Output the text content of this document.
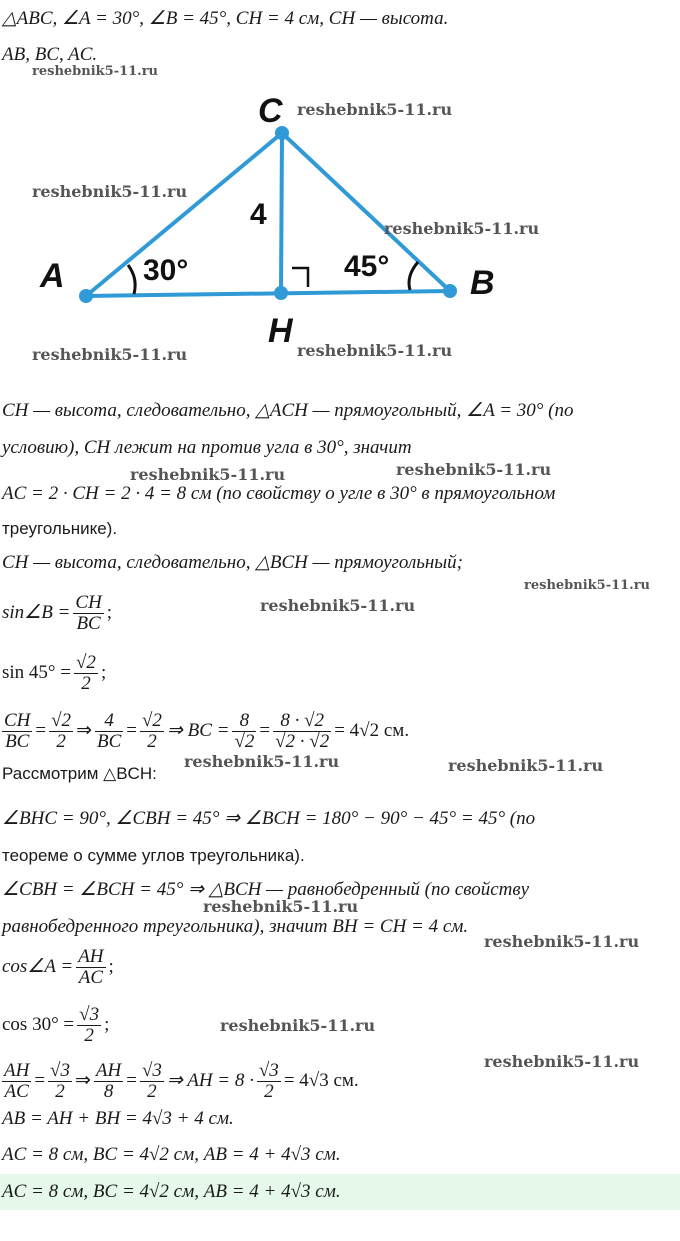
△ABC, ∠A = 30°, ∠B = 45°, CH = 4 см, CH — высота.
AB, BC, AC.
A
C
B
H
4
30°	45°
CH — высота, следовательно, △ACH — прямоугольный, ∠A = 30° (по
условию), CH лежит на против угла в 30°, значит
AC = 2 · CH = 2 · 4 = 8 см (по свойству о угле в 30° в прямоугольном
треугольнике).
CH — высота, следовательно, △BCH — прямоугольный;
sin∠B = $\frac{CH}{BC}$ ;
$\sin 45^\circ = \frac{√2}{2}$ ;
$\frac{CH}{BC} = \frac{√2}{2}$ ⇒ $\frac{4}{BC} = \frac{√2}{2}$ ⇒ BC = $\frac{8}{√2} = \frac{8 \cdot √2}{√2 \cdot √2} = 4√2$ см.
Рассмотрим △BCH:
∠BHC = 90°, ∠CBH = 45° ⇒ ∠BCH = 180° − 90° − 45° = 45° (по
теореме о сумме углов треугольника).
∠CBH = ∠BCH = 45° ⇒ △BCH — равнобедренный (по свойству
равнобедренного треугольника), значит BH = CH = 4 см.
cos∠A = $\frac{AH}{AC}$ ;
$\cos 30^\circ = \frac{√3}{2}$ ;
$\frac{AH}{AC} = \frac{√3}{2}$ ⇒ $\frac{AH}{8} = \frac{√3}{2}$ ⇒ AH = $8 \cdot \frac{√3}{2} = 4√3$ см.
AB = AH + BH = 4√3 + 4 см.
AC = 8 см, BC = 4√2 см, AB = 4 + 4√3 см.
AC = 8 см, BC = 4√2 см, AB = 4 + 4√3 см.
reshebnik5-11.ru
reshebnik5-11.ru
reshebnik5-11.ru
reshebnik5-11.ru
reshebnik5-11.ru	reshebnik5-11.ru
reshebnik5-11.ru	reshebnik5-11.ru
reshebnik5-11.ru
reshebnik5-11.ru
reshebnik5-11.ru	reshebnik5-11.ru
reshebnik5-11.ru
reshebnik5-11.ru
reshebnik5-11.ru
reshebnik5-11.ru
